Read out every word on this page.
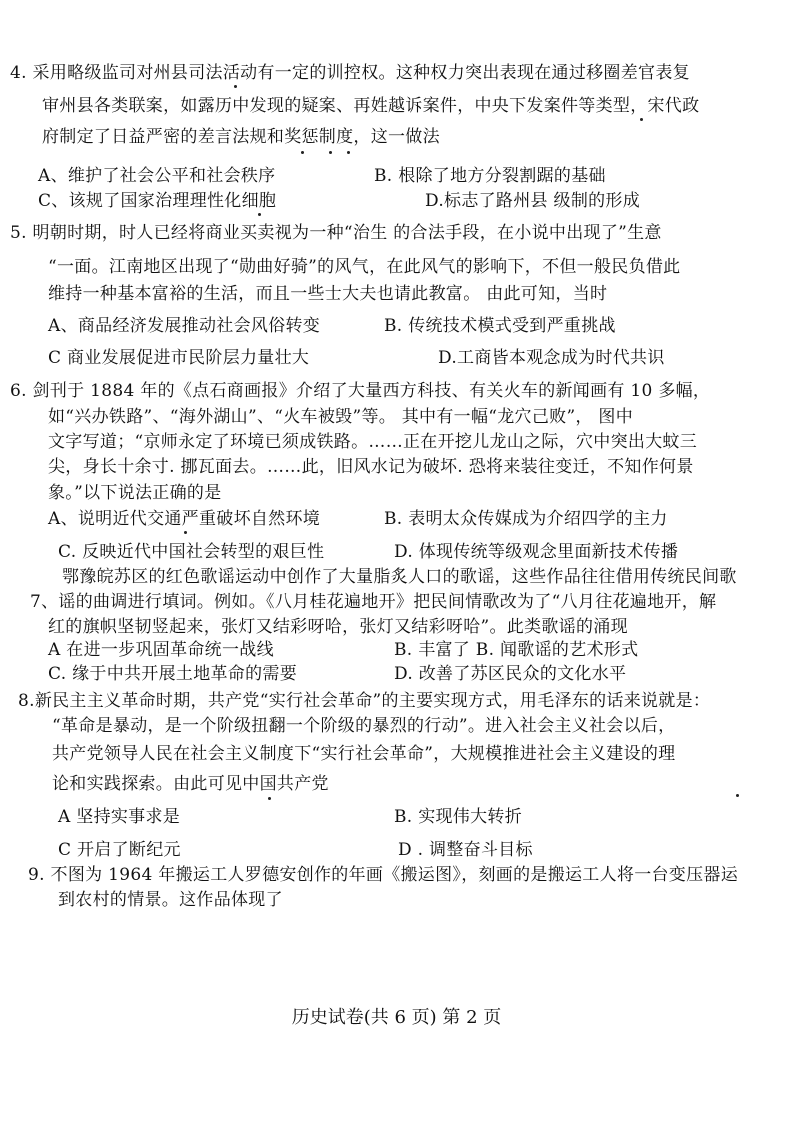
4. 采用略级监司对州县司法活动有一定的训控权。这种权力突出表现在通过移圈差官表复
审州县各类联案，如露历中发现的疑案、再姓越诉案件，中央下发案件等类型，宋代政
府制定了日益严密的差言法规和奖惩制度，这一做法
A、维护了社会公平和社会秩序	B. 根除了地方分裂割踞的基础
C、该规了国家治理理性化细胞	D.标志了路州县 级制的形成
5. 明朝时期，时人已经将商业买卖视为一种“治生 的合法手段，在小说中出现了”生意
“一面。江南地区出现了“勋曲好骑”的风气，在此风气的影响下，不但一般民负借此
维持一种基本富裕的生活，而且一些士大夫也请此教富。 由此可知，当时
A、商品经济发展推动社会风俗转变	B. 传统技术模式受到严重挑战
C 商业发展促进市民阶层力量壮大	D.工商皆本观念成为时代共识
6. 剑刊于 1884 年的《点石商画报》介绍了大量西方科技、有关火车的新闻画有 10 多幅，
如“兴办铁路”、“海外湖山”、“火车被毁”等。 其中有一幅“龙穴己败”， 图中
文字写道；“京师永定了环境已须成铁路。……正在开挖儿龙山之际，穴中突出大蚊三
尖，身长十余寸. 挪瓦面去。……此，旧风水记为破坏. 恐将来装往变迁，不知作何景
象。”以下说法正确的是
A、说明近代交通严重破坏自然环境	B. 表明太众传媒成为介绍四学的主力
C. 反映近代中国社会转型的艰巨性	D. 体现传统等级观念里面新技术传播
鄂豫皖苏区的红色歌谣运动中创作了大量脂炙人口的歌谣，这些作品往往借用传统民间歌
7、谣的曲调进行填词。例如。《八月桂花遍地开》把民间情歌改为了“八月往花遍地开，解
红的旗帜坚韧竖起来，张灯又结彩呀哈，张灯又结彩呀哈”。此类歌谣的涌现
A 在进一步巩固革命统一战线	B. 丰富了 B. 闻歌谣的艺术形式
C. 缘于中共开展土地革命的需要	D. 改善了苏区民众的文化水平
8.新民主主义革命时期，共产党“实行社会革命”的主要实现方式，用毛泽东的话来说就是：
“革命是暴动，是一个阶级扭翻一个阶级的暴烈的行动”。进入社会主义社会以后，
共产党领导人民在社会主义制度下“实行社会革命”，大规模推进社会主义建设的理
论和实践探索。由此可见中国共产党
A 坚持实事求是	B. 实现伟大转折
C 开启了断纪元	D . 调整奋斗目标
9. 不图为 1964 年搬运工人罗德安创作的年画《搬运图》，刻画的是搬运工人将一台变压器运
到农村的情景。这作品体现了
历史试卷(共 6 页) 第 2 页
